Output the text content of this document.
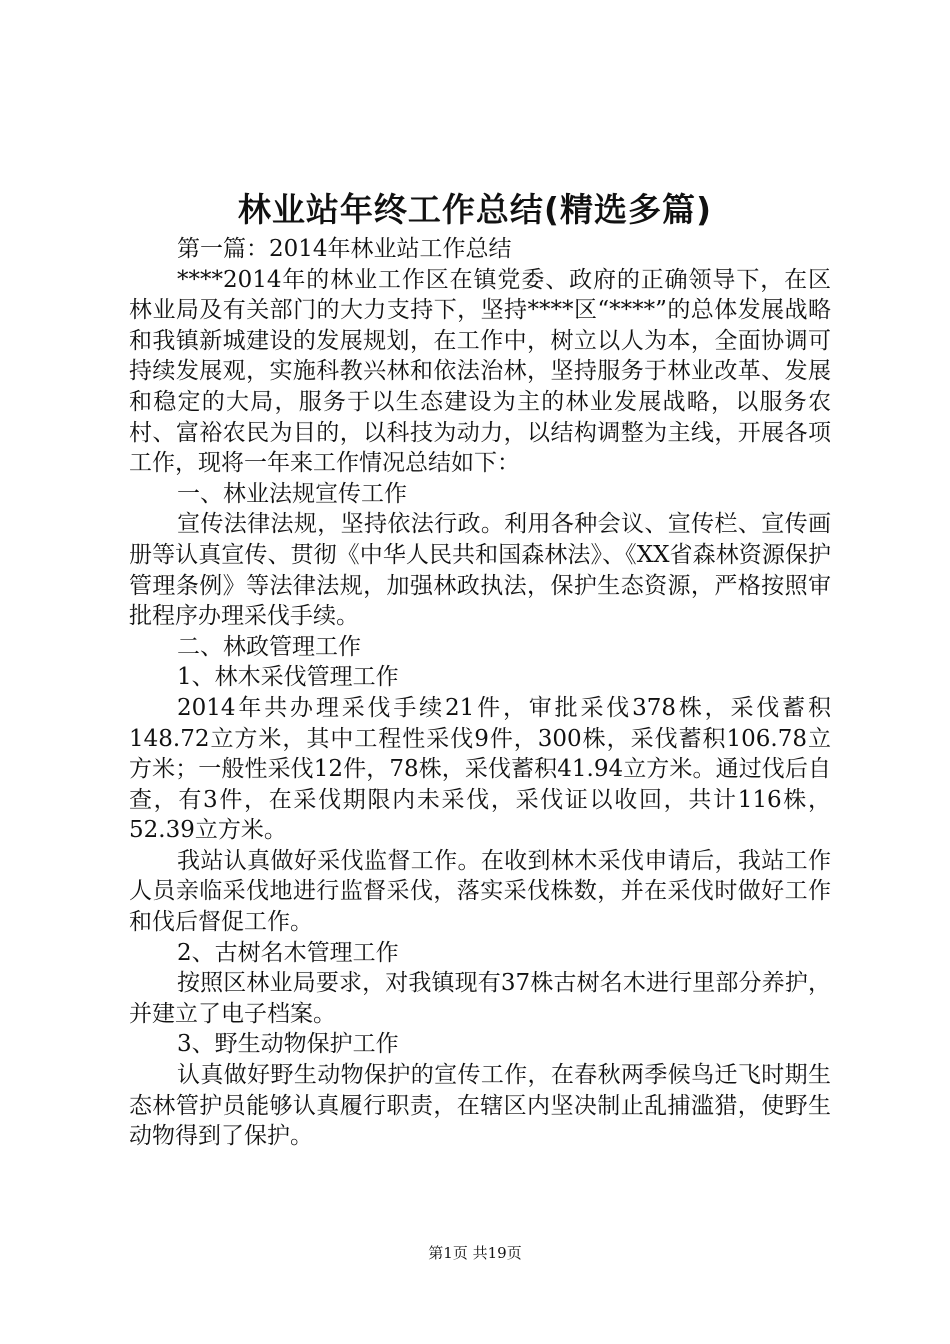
林业站年终工作总结(精选多篇)

第一篇：2014年林业站工作总结

****2014年的林业工作区在镇党委、政府的正确领导下，在区林业局及有关部门的大力支持下，坚持****区“****”的总体发展战略和我镇新城建设的发展规划，在工作中，树立以人为本，全面协调可持续发展观，实施科教兴林和依法治林，坚持服务于林业改革、发展和稳定的大局，服务于以生态建设为主的林业发展战略，以服务农村、富裕农民为目的，以科技为动力，以结构调整为主线，开展各项工作，现将一年来工作情况总结如下：

一、林业法规宣传工作

宣传法律法规，坚持依法行政。利用各种会议、宣传栏、宣传画册等认真宣传、贯彻《中华人民共和国森林法》、《XX省森林资源保护管理条例》等法律法规，加强林政执法，保护生态资源，严格按照审批程序办理采伐手续。

二、林政管理工作

1、林木采伐管理工作

2014年共办理采伐手续21件，审批采伐378株，采伐蓄积148.72立方米，其中工程性采伐9件，300株，采伐蓄积106.78立方米；一般性采伐12件，78株，采伐蓄积41.94立方米。通过伐后自查，有3件，在采伐期限内未采伐，采伐证以收回，共计116株，52.39立方米。

我站认真做好采伐监督工作。在收到林木采伐申请后，我站工作人员亲临采伐地进行监督采伐，落实采伐株数，并在采伐时做好工作和伐后督促工作。

2、古树名木管理工作

按照区林业局要求，对我镇现有37株古树名木进行里部分养护，并建立了电子档案。

3、野生动物保护工作

认真做好野生动物保护的宣传工作，在春秋两季候鸟迁飞时期生态林管护员能够认真履行职责，在辖区内坚决制止乱捕滥猎，使野生动物得到了保护。

第1页 共19页
